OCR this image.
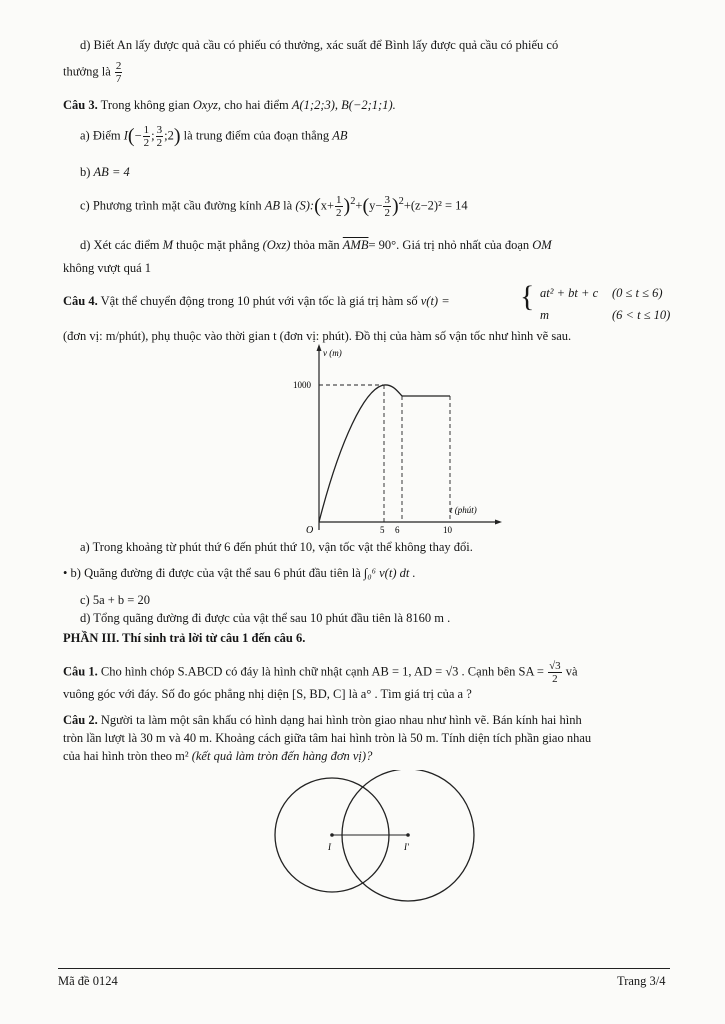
d) Biết An lấy được quả cầu có phiếu có thưởng, xác suất để Bình lấy được quả cầu có phiếu có
thưởng là $\frac{2}{7}$
Câu 3. Trong không gian Oxyz, cho hai điểm A(1;2;3), B(−2;1;1).
a) Điểm $I(- \frac{1}{2}$ ; $\frac{3}{2}$ ;2) là trung điểm của đoạn thẳng AB
b) AB = 4
c) Phương trình mặt cầu đường kính AB là (S):(x+ $\frac{1}{2} )^2+(y- \frac{3}{2} )^2+(z-2)^2 = 14$
d) Xét các điểm M thuộc mặt phẳng (Oxz) thỏa mãn $\overline{AMB}= 90^\circ$. Giá trị nhỏ nhất của đoạn OM
không vượt quá 1
Câu 4. Vật thể chuyển động trong 10 phút với vận tốc là giá trị hàm số v(t) = { at² + bt + c (0 ≤ t ≤ 6)
m	(6 < t ≤ 10)
(đơn vị: m/phút), phụ thuộc vào thời gian t (đơn vị: phút). Đồ thị của hàm số vận tốc như hình vẽ sau.
v (m)
t (phút)
1000
O	5 6	10
a) Trong khoảng từ phút thứ 6 đến phút thứ 10, vận tốc vật thể không thay đổi.
• b) Quãng đường đi được của vật thể sau 6 phút đầu tiên là ∫₀⁶ v(t) dt .
c) 5a + b = 20
d) Tổng quãng đường đi được của vật thể sau 10 phút đầu tiên là 8160 m .
PHẦN III. Thí sinh trả lời từ câu 1 đến câu 6.
Câu 1. Cho hình chóp S.ABCD có đáy là hình chữ nhật cạnh AB = 1, AD = √3 . Cạnh bên SA = $\frac{√3}{2}$ và
vuông góc với đáy. Số đo góc phẳng nhị diện [S, BD, C] là a° . Tìm giá trị của a ?
Câu 2. Người ta làm một sân khấu có hình dạng hai hình tròn giao nhau như hình vẽ. Bán kính hai hình
tròn lần lượt là 30 m và 40 m. Khoảng cách giữa tâm hai hình tròn là 50 m. Tính diện tích phần giao nhau
của hai hình tròn theo m² (kết quả làm tròn đến hàng đơn vị)?
I	I'
Mã đề 0124	Trang 3/4
